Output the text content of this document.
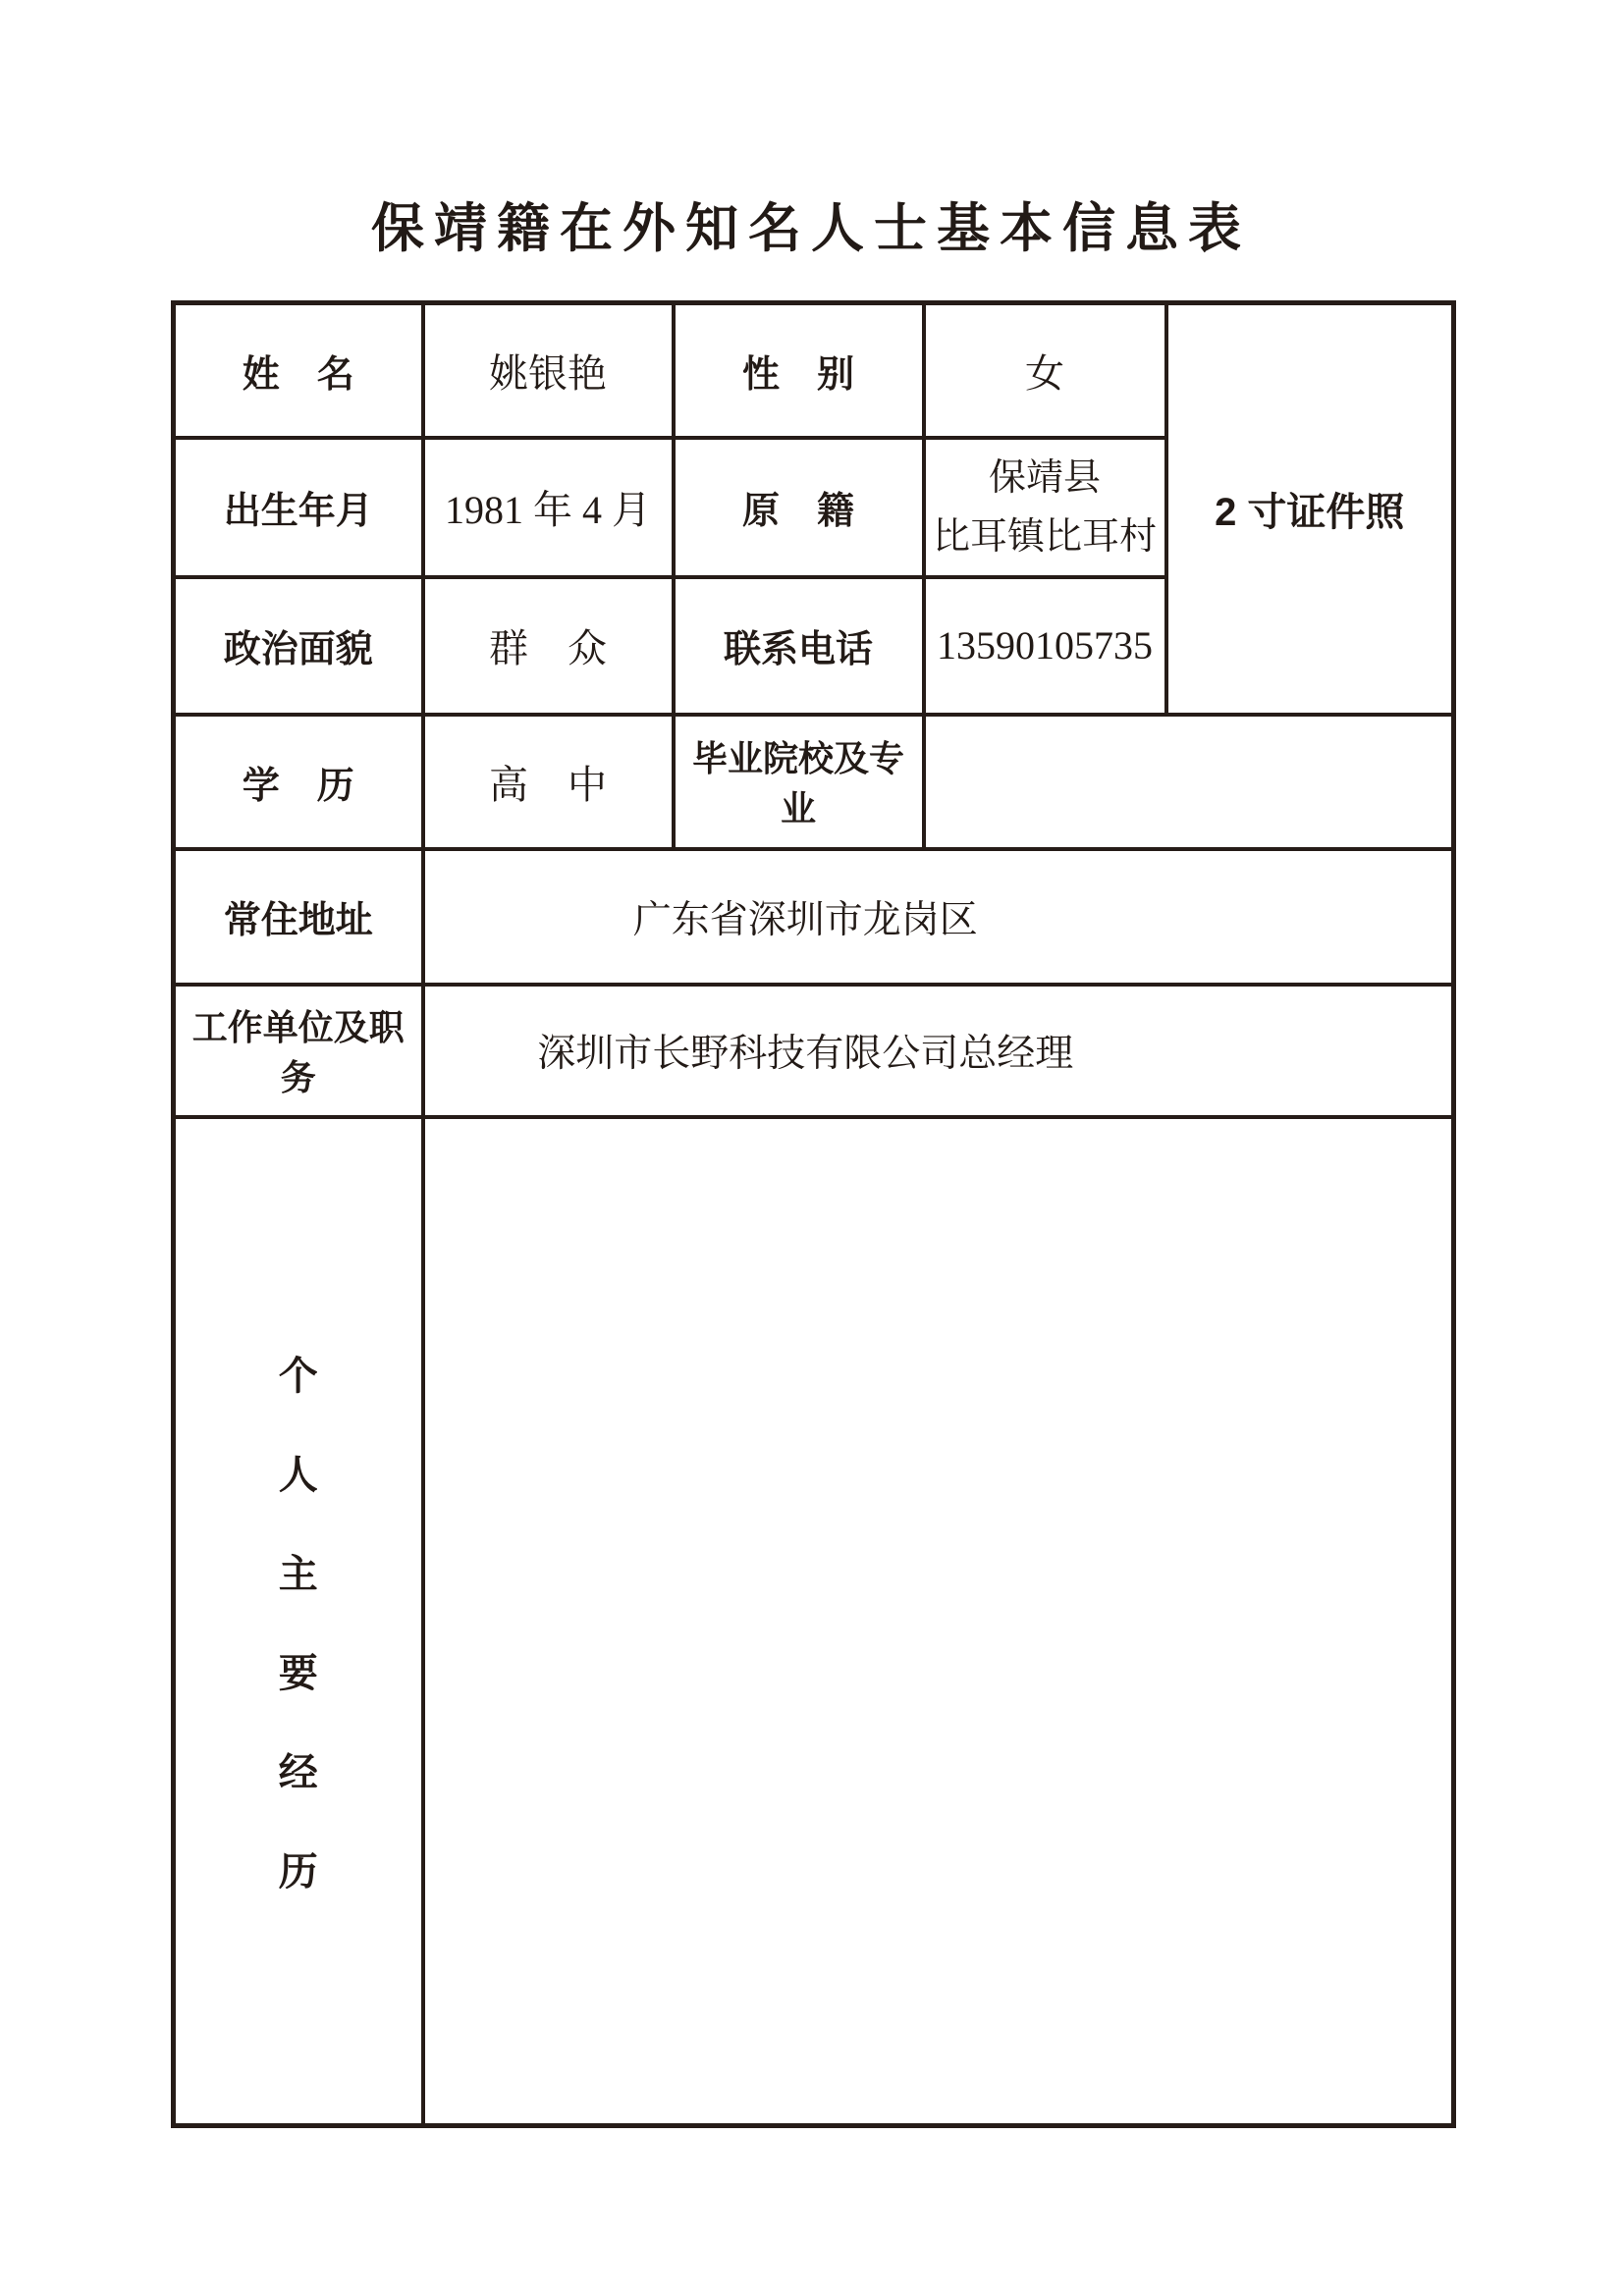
保靖籍在外知名人士基本信息表
姓　名	姚银艳	性　别	女	2 寸证件照
出生年月	1981 年 4 月	原　籍	保靖县
比耳镇比耳村	

政治面貌	群　众	联系电话	13590105735	
学　历	高　中	毕业院校及专业		
常住地址	广东省深圳市龙岗区			
工作单位及职务	深圳市长野科技有限公司总经理			

个
人
主
要
经
历
